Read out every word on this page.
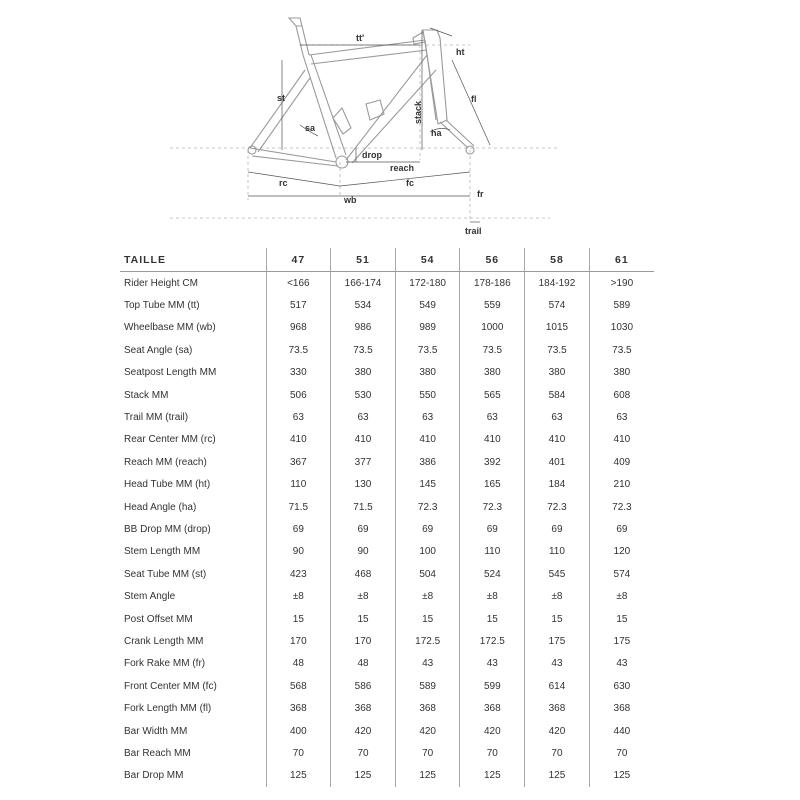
tt'
ht
st	fl
stack
sa	ha
drop
reach
rc	fc
wb
fr
trail
TAILLE	47	51	54	56	58	61
Rider Height CM	<166	166-174	172-180	178-186	184-192	>190
Top Tube MM (tt)	517	534	549	559	574	589
Wheelbase MM (wb)	968	986	989	1000	1015	1030
Seat Angle (sa)	73.5	73.5	73.5	73.5	73.5	73.5
Seatpost Length MM	330	380	380	380	380	380
Stack MM	506	530	550	565	584	608
Trail MM (trail)	63	63	63	63	63	63
Rear Center MM (rc)	410	410	410	410	410	410
Reach MM (reach)	367	377	386	392	401	409
Head Tube MM (ht)	110	130	145	165	184	210
Head Angle (ha)	71.5	71.5	72.3	72.3	72.3	72.3
BB Drop MM (drop)	69	69	69	69	69	69
Stem Length MM	90	90	100	110	110	120
Seat Tube MM (st)	423	468	504	524	545	574
Stem Angle	±8	±8	±8	±8	±8	±8
Post Offset MM	15	15	15	15	15	15
Crank Length MM	170	170	172.5	172.5	175	175
Fork Rake MM (fr)	48	48	43	43	43	43
Front Center MM (fc)	568	586	589	599	614	630
Fork Length MM (fl)	368	368	368	368	368	368
Bar Width MM	400	420	420	420	420	440
Bar Reach MM	70	70	70	70	70	70
Bar Drop MM	125	125	125	125	125	125
